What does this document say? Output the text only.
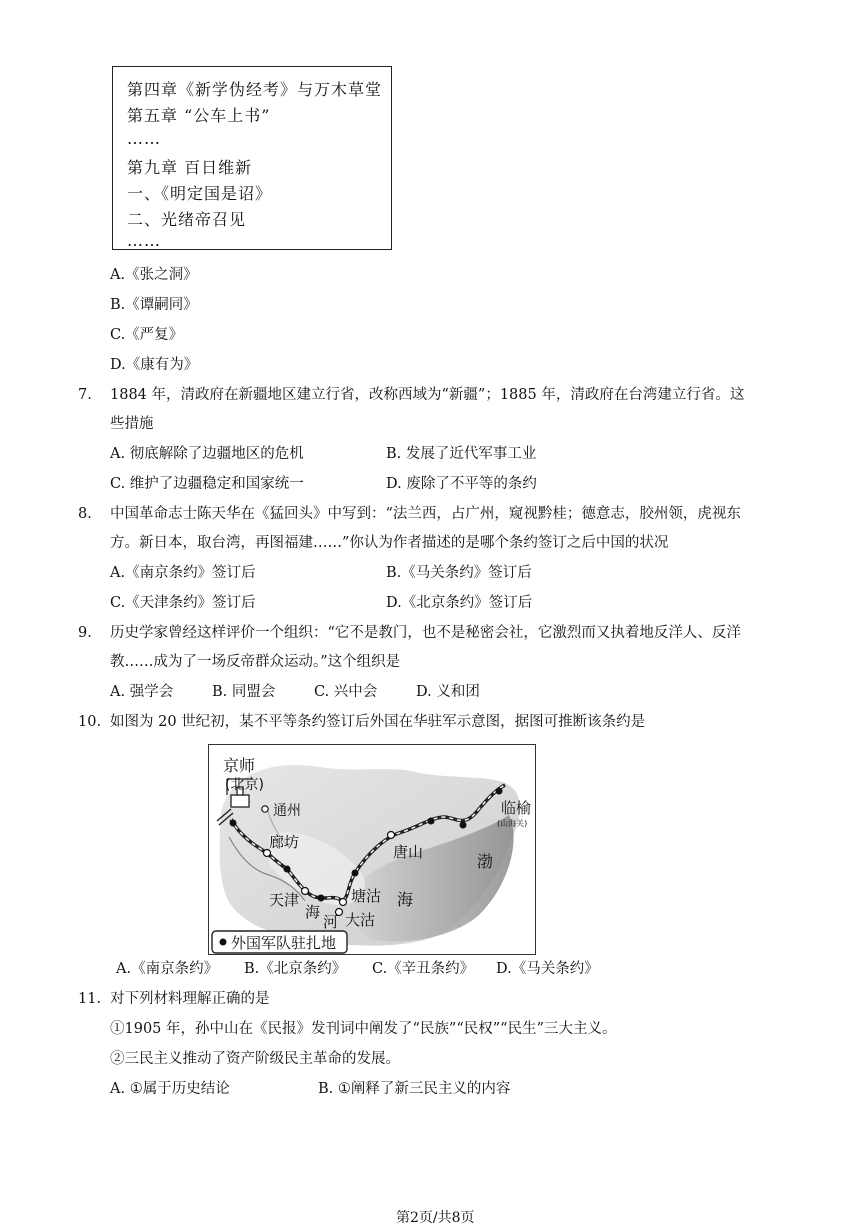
第四章《新学伪经考》与万木草堂
第五章 “公车上书”
……
第九章 百日维新
一、《明定国是诏》
二、光绪帝召见
……
A.《张之洞》
B.《谭嗣同》
C.《严复》
D.《康有为》
7. 1884 年，清政府在新疆地区建立行省，改称西域为“新疆”；1885 年，清政府在台湾建立行省。这
些措施
A. 彻底解除了边疆地区的危机	B. 发展了近代军事工业
C. 维护了边疆稳定和国家统一	D. 废除了不平等的条约
8. 中国革命志士陈天华在《猛回头》中写到：“法兰西，占广州，窥视黔桂；德意志，胶州领，虎视东
方。新日本，取台湾，再图福建……”你认为作者描述的是哪个条约签订之后中国的状况
A.《南京条约》签订后	B.《马关条约》签订后
C.《天津条约》签订后	D.《北京条约》签订后
9. 历史学家曾经这样评价一个组织：“它不是教门，也不是秘密会社，它激烈而又执着地反洋人、反洋
教……成为了一场反帝群众运动。”这个组织是
A. 强学会	B. 同盟会	C. 兴中会	D. 义和团
10. 如图为 20 世纪初，某不平等条约签订后外国在华驻军示意图，据图可推断该条约是
京师
(北京)
通州
廊坊
唐山
临榆
(山海关)
天津
海
河
塘沽
大沽
渤
海
外国军队驻扎地
A.《南京条约》 B.《北京条约》 C.《辛丑条约》 D.《马关条约》
11. 对下列材料理解正确的是
①1905 年，孙中山在《民报》发刊词中阐发了“民族”“民权”“民生”三大主义。
②三民主义推动了资产阶级民主革命的发展。
A. ①属于历史结论	B. ①阐释了新三民主义的内容
第2页/共8页
